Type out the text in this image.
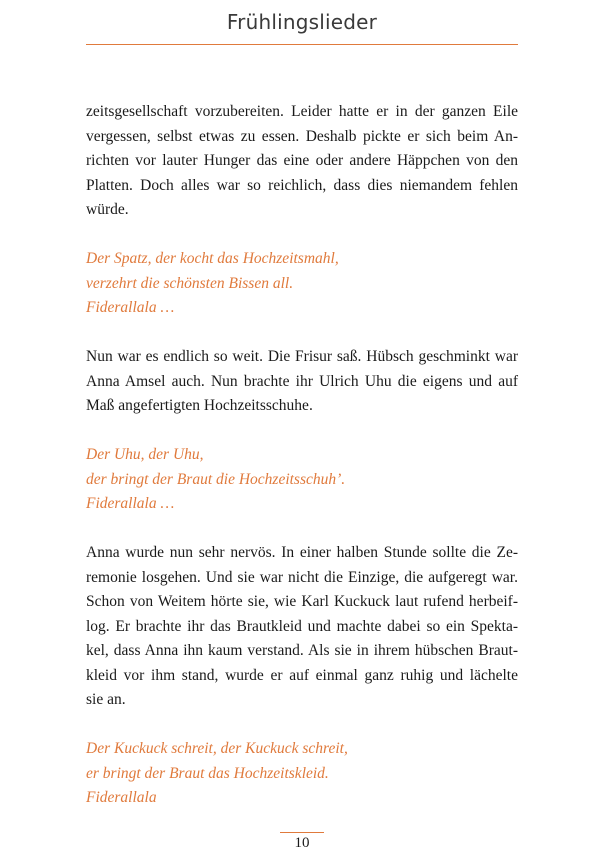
Frühlingslieder
zeitsgesellschaft vorzubereiten. Leider hatte er in der ganzen Eile
vergessen, selbst etwas zu essen. Deshalb pickte er sich beim An-
richten vor lauter Hunger das eine oder andere Häppchen von den
Platten. Doch alles war so reichlich, dass dies niemandem fehlen
würde.
Der Spatz, der kocht das Hochzeitsmahl,
verzehrt die schönsten Bissen all.
Fiderallala …
Nun war es endlich so weit. Die Frisur saß. Hübsch geschminkt war
Anna Amsel auch. Nun brachte ihr Ulrich Uhu die eigens und auf
Maß angefertigten Hochzeitsschuhe.
Der Uhu, der Uhu,
der bringt der Braut die Hochzeitsschuh’.
Fiderallala …
Anna wurde nun sehr nervös. In einer halben Stunde sollte die Ze-
remonie losgehen. Und sie war nicht die Einzige, die aufgeregt war.
Schon von Weitem hörte sie, wie Karl Kuckuck laut rufend herbeif-
log. Er brachte ihr das Brautkleid und machte dabei so ein Spekta-
kel, dass Anna ihn kaum verstand. Als sie in ihrem hübschen Braut-
kleid vor ihm stand, wurde er auf einmal ganz ruhig und lächelte
sie an.
Der Kuckuck schreit, der Kuckuck schreit,
er bringt der Braut das Hochzeitskleid.
Fiderallala
10
